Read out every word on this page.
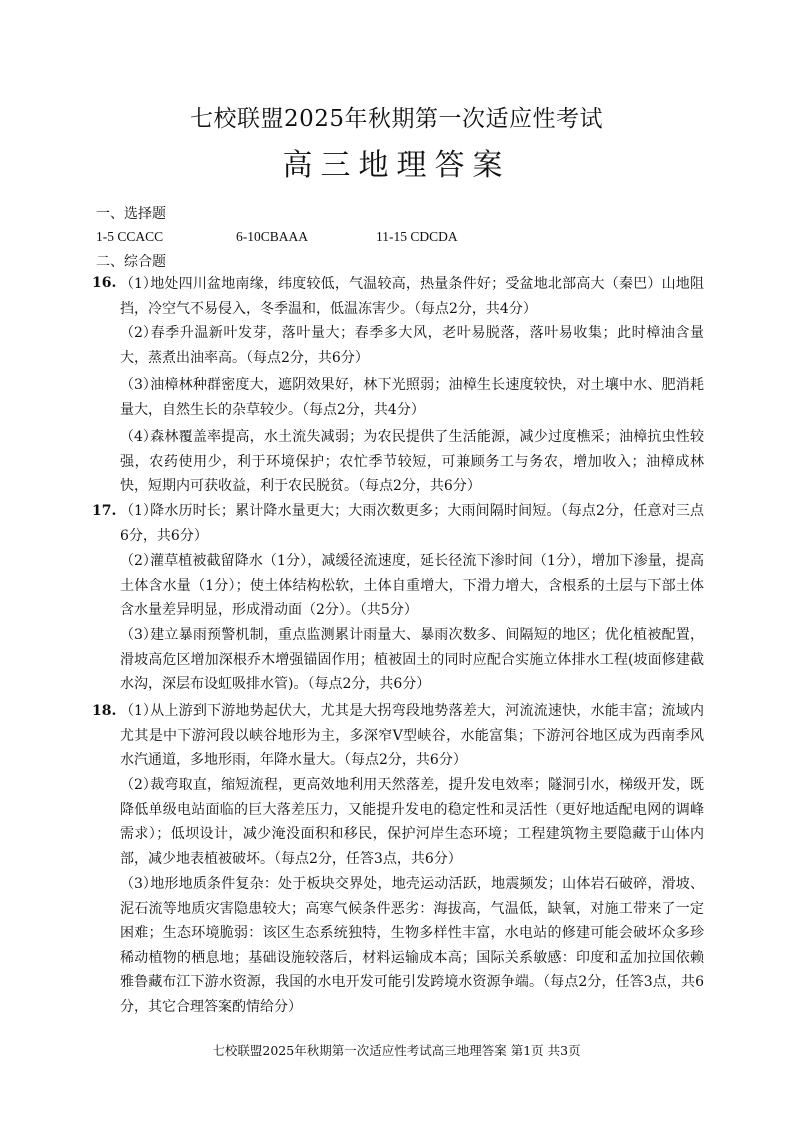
七校联盟2025年秋期第一次适应性考试
高三地理答案
一、选择题
1-5 CCACC	6-10CBAAA	11-15 CDCDA
二、综合题
16. （1）地处四川盆地南缘，纬度较低，气温较高，热量条件好；受盆地北部高大（秦巴）山地阻挡，冷空气不易侵入，冬季温和，低温冻害少。（每点2分，共4分）
（2）春季升温新叶发芽，落叶量大；春季多大风，老叶易脱落，落叶易收集；此时樟油含量大，蒸煮出油率高。（每点2分，共6分）
（3）油樟林种群密度大，遮阴效果好，林下光照弱；油樟生长速度较快，对土壤中水、肥消耗量大，自然生长的杂草较少。（每点2分，共4分）
（4）森林覆盖率提高，水土流失减弱；为农民提供了生活能源，减少过度樵采；油樟抗虫性较强，农药使用少，利于环境保护；农忙季节较短，可兼顾务工与务农，增加收入；油樟成林快，短期内可获收益，利于农民脱贫。（每点2分，共6分）
17. （1）降水历时长；累计降水量更大；大雨次数更多；大雨间隔时间短。（每点2分，任意对三点6分，共6分）
（2）灌草植被截留降水（1分），减缓径流速度，延长径流下渗时间（1分），增加下渗量，提高土体含水量（1分）；使土体结构松软，土体自重增大，下滑力增大，含根系的土层与下部土体含水量差异明显，形成滑动面（2分）。（共5分）
（3）建立暴雨预警机制，重点监测累计雨量大、暴雨次数多、间隔短的地区；优化植被配置，滑坡高危区增加深根乔木增强锚固作用；植被固土的同时应配合实施立体排水工程(坡面修建截水沟，深层布设虹吸排水管)。（每点2分，共6分）
18. （1）从上游到下游地势起伏大，尤其是大拐弯段地势落差大，河流流速快，水能丰富；流域内尤其是中下游河段以峡谷地形为主，多深窄V型峡谷，水能富集；下游河谷地区成为西南季风水汽通道，多地形雨，年降水量大。（每点2分，共6分）
（2）裁弯取直，缩短流程，更高效地利用天然落差，提升发电效率；隧洞引水，梯级开发，既降低单级电站面临的巨大落差压力，又能提升发电的稳定性和灵活性（更好地适配电网的调峰需求）；低坝设计，减少淹没面积和移民，保护河岸生态环境；工程建筑物主要隐藏于山体内部，减少地表植被破坏。（每点2分，任答3点，共6分）
（3）地形地质条件复杂：处于板块交界处，地壳运动活跃，地震频发；山体岩石破碎，滑坡、泥石流等地质灾害隐患较大；高寒气候条件恶劣：海拔高，气温低，缺氧，对施工带来了一定困难；生态环境脆弱：该区生态系统独特，生物多样性丰富，水电站的修建可能会破坏众多珍稀动植物的栖息地；基础设施较落后，材料运输成本高；国际关系敏感：印度和孟加拉国依赖雅鲁藏布江下游水资源，我国的水电开发可能引发跨境水资源争端。（每点2分，任答3点，共6分，其它合理答案酌情给分）
七校联盟2025年秋期第一次适应性考试高三地理答案 第1页 共3页
